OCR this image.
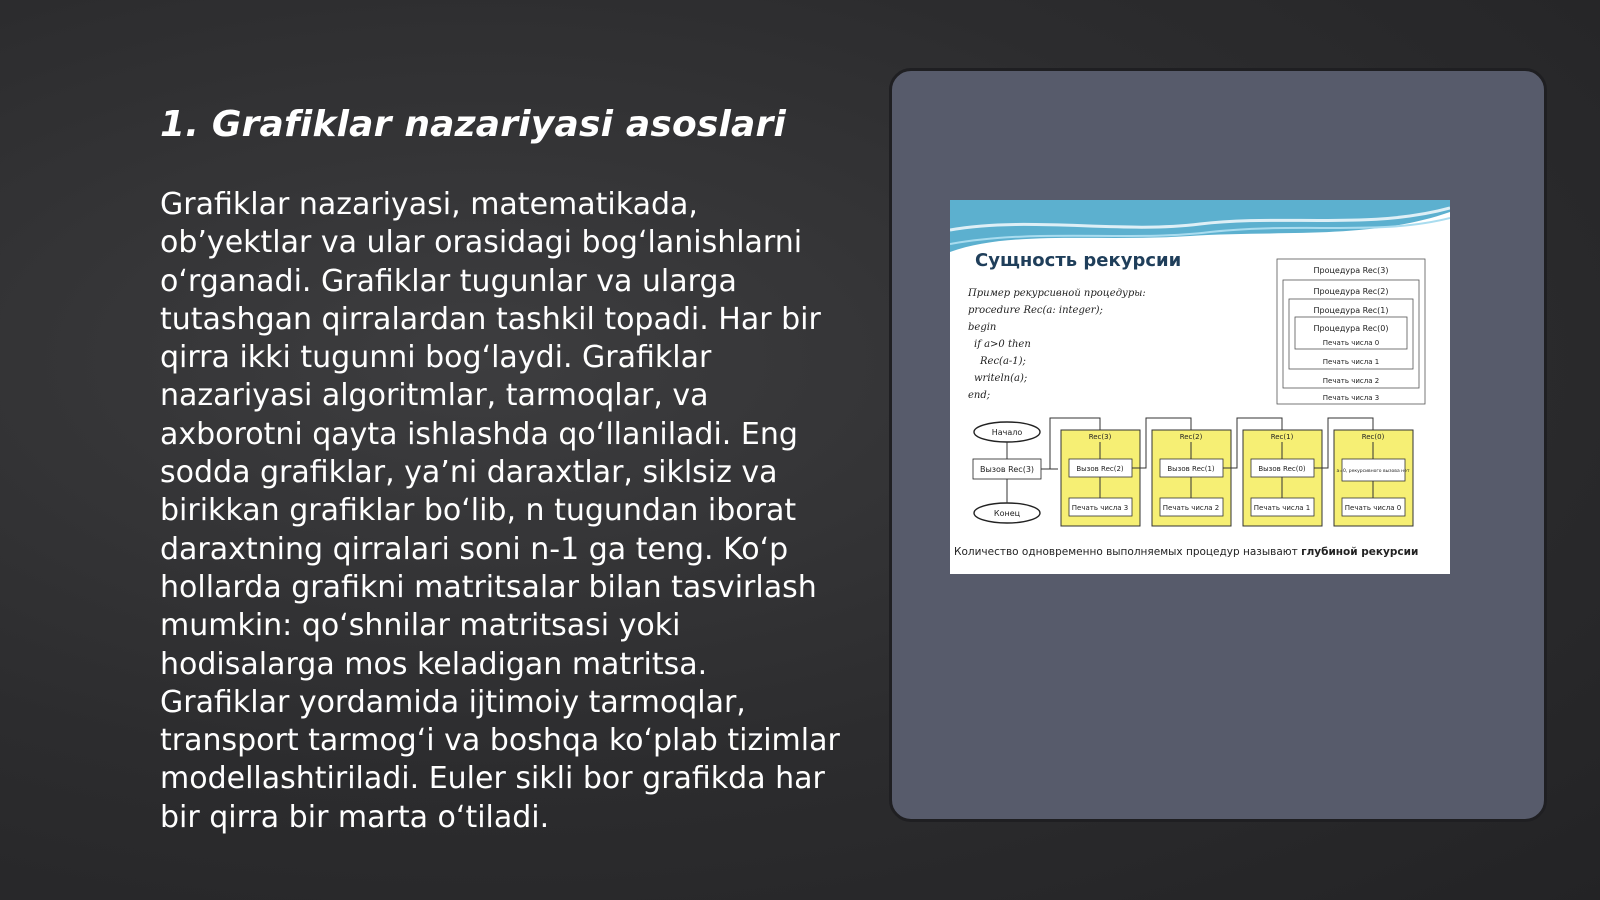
1. Grafiklar nazariyasi asoslari

Grafiklar nazariyasi, matematikada, ob’yektlar va ular orasidagi bog‘lanishlarni o‘rganadi. Grafiklar tugunlar va ularga tutashgan qirralardan tashkil topadi. Har bir qirra ikki tugunni bog‘laydi. Grafiklar nazariyasi algoritmlar, tarmoqlar, va axborotni qayta ishlashda qo‘llaniladi. Eng sodda grafiklar, ya’ni daraxtlar, siklsiz va birikkan grafiklar bo‘lib, n tugundan iborat daraxtning qirralari soni n-1 ga teng. Ko‘p hollarda grafikni matritsalar bilan tasvirlash mumkin: qo‘shnilar matritsasi yoki hodisalarga mos keladigan matritsa. Grafiklar yordamida ijtimoiy tarmoqlar, transport tarmog‘i va boshqa ko‘plab tizimlar modellashtiriladi. Euler sikli bor grafikda har bir qirra bir marta o‘tiladi.

Сущность рекурсии
Пример рекурсивной процедуры:
procedure Rec(a: integer);
begin
if a>0 then
Rec(a-1);
writeln(a);
end;
Процедура Rec(3)
Процедура Rec(2)
Процедура Rec(1)
Процедура Rec(0)
Печать числа 0
Печать числа 1
Печать числа 2
Печать числа 3
Начало
Вызов Rec(3)
Конец
Rec(3)
Вызов Rec(2)
Печать числа 3
Rec(2)
Вызов Rec(1)
Печать числа 2
Rec(1)
Вызов Rec(0)
Печать числа 1
Rec(0)
a=0, рекурсивного вызова нет
Печать числа 0
Количество одновременно выполняемых процедур называют глубиной рекурсии
